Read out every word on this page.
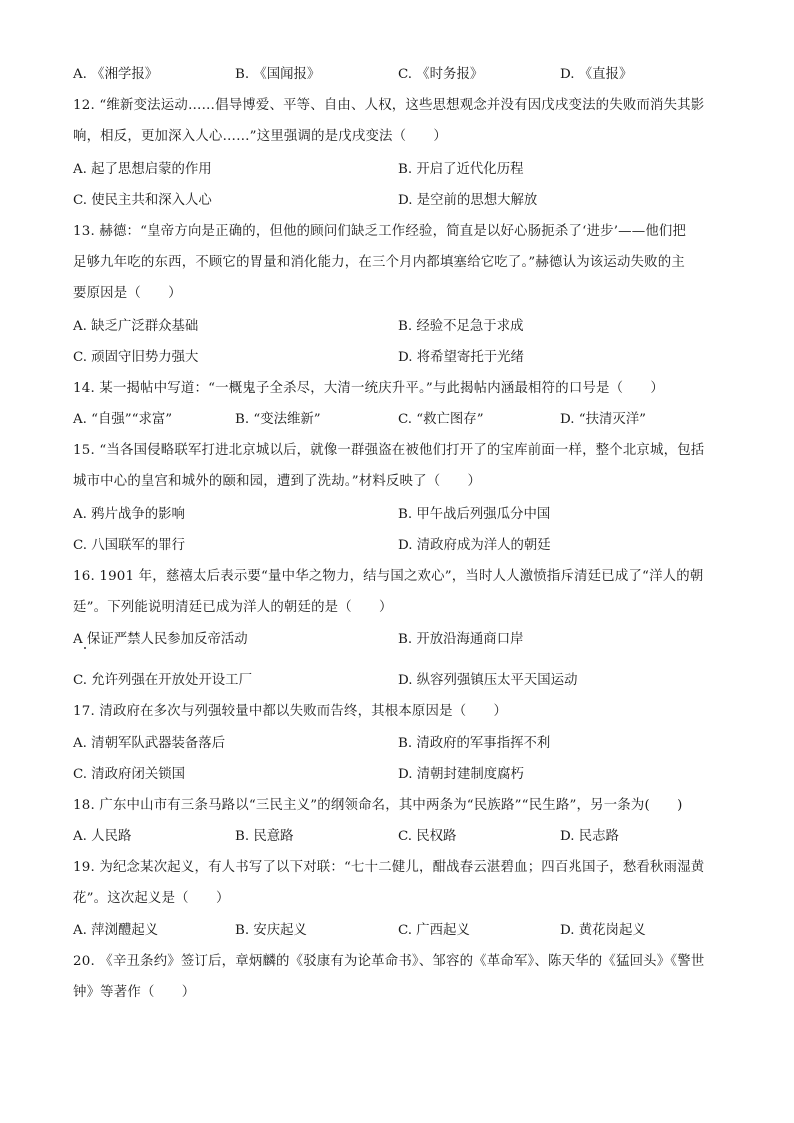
A. 《湘学报》	B. 《国闻报》	C. 《时务报》	D. 《直报》
12. “维新变法运动……倡导博爱、平等、自由、人权，这些思想观念并没有因戊戌变法的失败而消失其影
响，相反，更加深入人心……”这里强调的是戊戌变法（　　）
A. 起了思想启蒙的作用	B. 开启了近代化历程
C. 使民主共和深入人心	D. 是空前的思想大解放
13. 赫德：“皇帝方向是正确的，但他的顾问们缺乏工作经验，简直是以好心肠扼杀了‘进步’——他们把
足够九年吃的东西，不顾它的胃量和消化能力，在三个月内都填塞给它吃了。”赫德认为该运动失败的主
要原因是（　　）
A. 缺乏广泛群众基础	B. 经验不足急于求成
C. 顽固守旧势力强大	D. 将希望寄托于光绪
14. 某一揭帖中写道：“一概鬼子全杀尽，大清一统庆升平。”与此揭帖内涵最相符的口号是（　　）
A. “自强”“求富”	B. “变法维新”	C. “救亡图存”	D. “扶清灭洋”
15. “当各国侵略联军打进北京城以后，就像一群强盗在被他们打开了的宝库前面一样，整个北京城，包括
城市中心的皇宫和城外的颐和园，遭到了洗劫。”材料反映了（　　）
A. 鸦片战争的影响	B. 甲午战后列强瓜分中国
C. 八国联军的罪行	D. 清政府成为洋人的朝廷
16. 1901 年，慈禧太后表示要“量中华之物力，结与国之欢心”，当时人人激愤指斥清廷已成了“洋人的朝
廷”。下列能说明清廷已成为洋人的朝廷的是（　　）
A 保证严禁人民参加反帝活动	B. 开放沿海通商口岸
C. 允许列强在开放处开设工厂	D. 纵容列强镇压太平天国运动
17. 清政府在多次与列强较量中都以失败而告终，其根本原因是（　　）
A. 清朝军队武器装备落后	B. 清政府的军事指挥不利
C. 清政府闭关锁国	D. 清朝封建制度腐朽
18. 广东中山市有三条马路以“三民主义”的纲领命名，其中两条为“民族路”“民生路”，另一条为(　　)
A. 人民路	B. 民意路	C. 民权路	D. 民志路
19. 为纪念某次起义，有人书写了以下对联：“七十二健儿，酣战春云湛碧血；四百兆国子，愁看秋雨湿黄
花”。这次起义是（　　）
A. 萍浏醴起义	B. 安庆起义	C. 广西起义	D. 黄花岗起义
20. 《辛丑条约》签订后，章炳麟的《驳康有为论革命书》、邹容的《革命军》、陈天华的《猛回头》《警世
钟》等著作（　　）
